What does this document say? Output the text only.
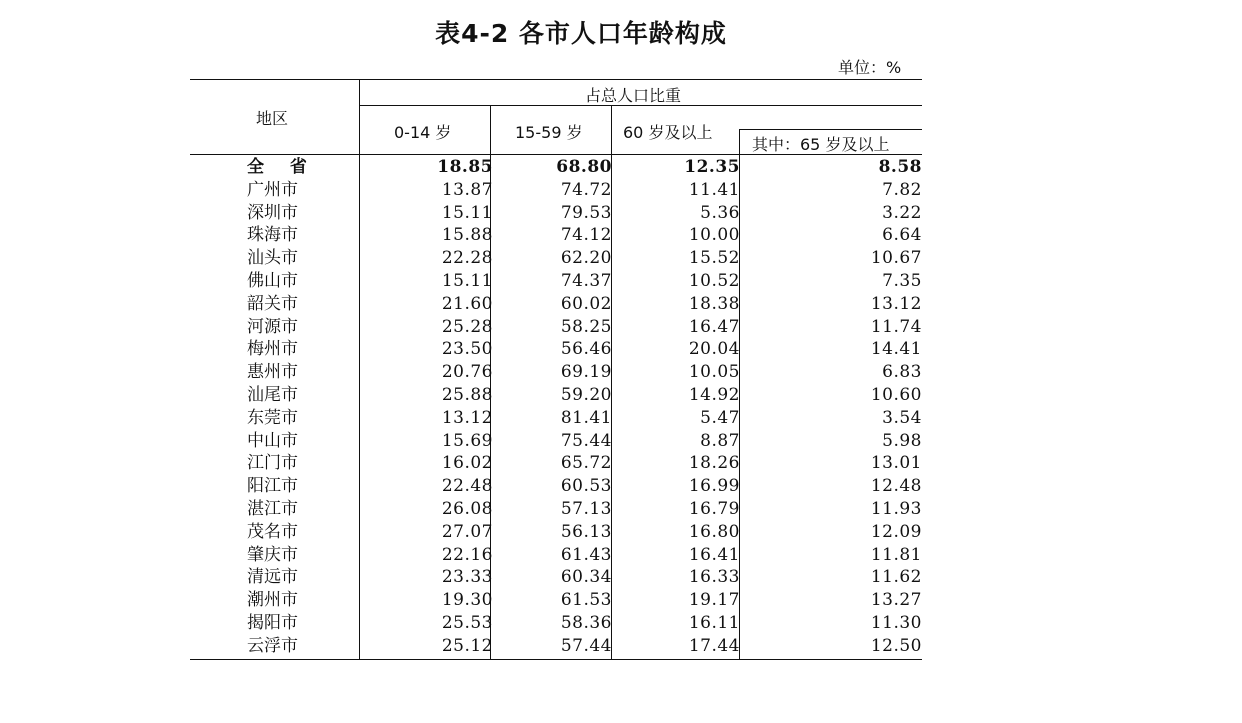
表4-2 各市人口年龄构成
单位：%
地区
占总人口比重
0-14 岁	15-59 岁	60 岁及以上
其中：65 岁及以上
全 省	18.85	68.80	12.35	8.58
广州市	13.87	74.72	11.41	7.82
深圳市	15.11	79.53	5.36	3.22
珠海市	15.88	74.12	10.00	6.64
汕头市	22.28	62.20	15.52	10.67
佛山市	15.11	74.37	10.52	7.35
韶关市	21.60	60.02	18.38	13.12
河源市	25.28	58.25	16.47	11.74
梅州市	23.50	56.46	20.04	14.41
惠州市	20.76	69.19	10.05	6.83
汕尾市	25.88	59.20	14.92	10.60
东莞市	13.12	81.41	5.47	3.54
中山市	15.69	75.44	8.87	5.98
江门市	16.02	65.72	18.26	13.01
阳江市	22.48	60.53	16.99	12.48
湛江市	26.08	57.13	16.79	11.93
茂名市	27.07	56.13	16.80	12.09
肇庆市	22.16	61.43	16.41	11.81
清远市	23.33	60.34	16.33	11.62
潮州市	19.30	61.53	19.17	13.27
揭阳市	25.53	58.36	16.11	11.30
云浮市	25.12	57.44	17.44	12.50
